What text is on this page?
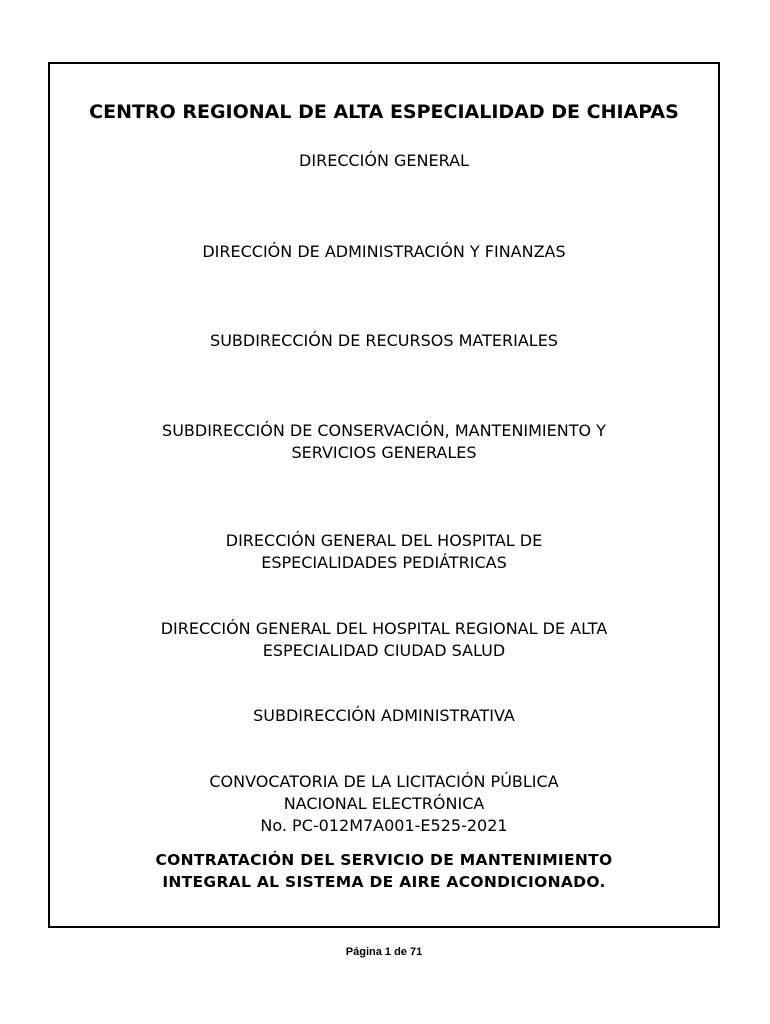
CENTRO REGIONAL DE ALTA ESPECIALIDAD DE CHIAPAS
DIRECCIÓN GENERAL
DIRECCIÓN DE ADMINISTRACIÓN Y FINANZAS
SUBDIRECCIÓN DE RECURSOS MATERIALES
SUBDIRECCIÓN DE CONSERVACIÓN, MANTENIMIENTO Y
SERVICIOS GENERALES
DIRECCIÓN GENERAL DEL HOSPITAL DE
ESPECIALIDADES PEDIÁTRICAS
DIRECCIÓN GENERAL DEL HOSPITAL REGIONAL DE ALTA
ESPECIALIDAD CIUDAD SALUD
SUBDIRECCIÓN ADMINISTRATIVA
CONVOCATORIA DE LA LICITACIÓN PÚBLICA
NACIONAL ELECTRÓNICA
No. PC-012M7A001-E525-2021
CONTRATACIÓN DEL SERVICIO DE MANTENIMIENTO
INTEGRAL AL SISTEMA DE AIRE ACONDICIONADO.
Página 1 de 71
